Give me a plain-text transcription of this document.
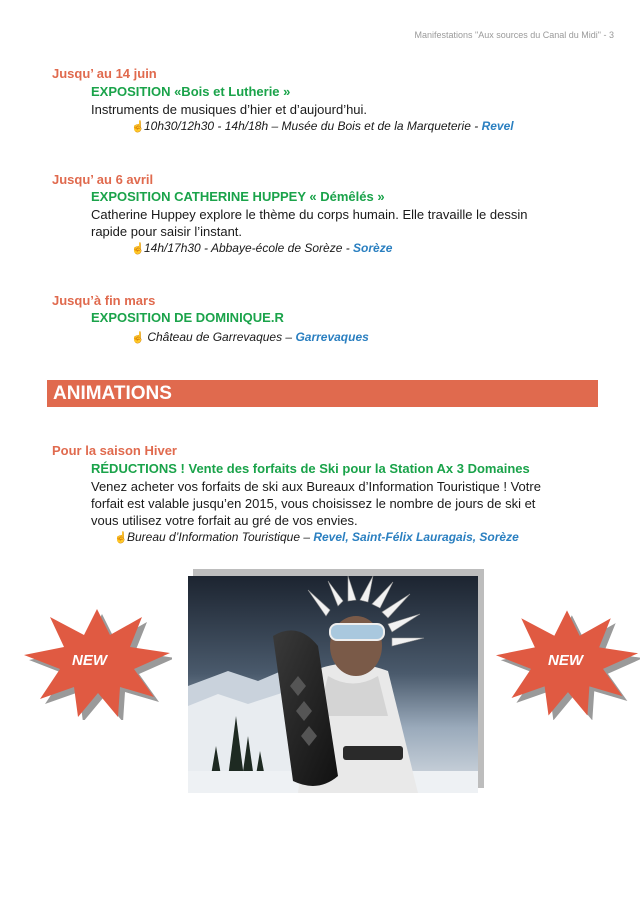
Manifestations "Aux sources du Canal du Midi" - 3
Jusqu’ au 14 juin
EXPOSITION «Bois et Lutherie »
Instruments de musiques d’hier et d’aujourd’hui.
☝10h30/12h30 - 14h/18h – Musée du Bois et de la Marqueterie - Revel
Jusqu’ au 6 avril
EXPOSITION CATHERINE HUPPEY « Démêlés »
Catherine Huppey explore le thème du corps humain. Elle travaille le dessin
rapide pour saisir l’instant.
☝14h/17h30 - Abbaye-école de Sorèze - Sorèze
Jusqu’à fin mars
EXPOSITION DE DOMINIQUE.R
☝ Château de Garrevaques – Garrevaques
ANIMATIONS
Pour la saison Hiver
RÉDUCTIONS ! Vente des forfaits de Ski pour la Station Ax 3 Domaines
Venez acheter vos forfaits de ski aux Bureaux d’Information Touristique ! Votre
forfait est valable jusqu’en 2015, vous choisissez le nombre de jours de ski et
vous utilisez votre forfait au gré de vos envies.
☝Bureau d’Information Touristique – Revel, Saint-Félix Lauragais, Sorèze
NEW	NEW
